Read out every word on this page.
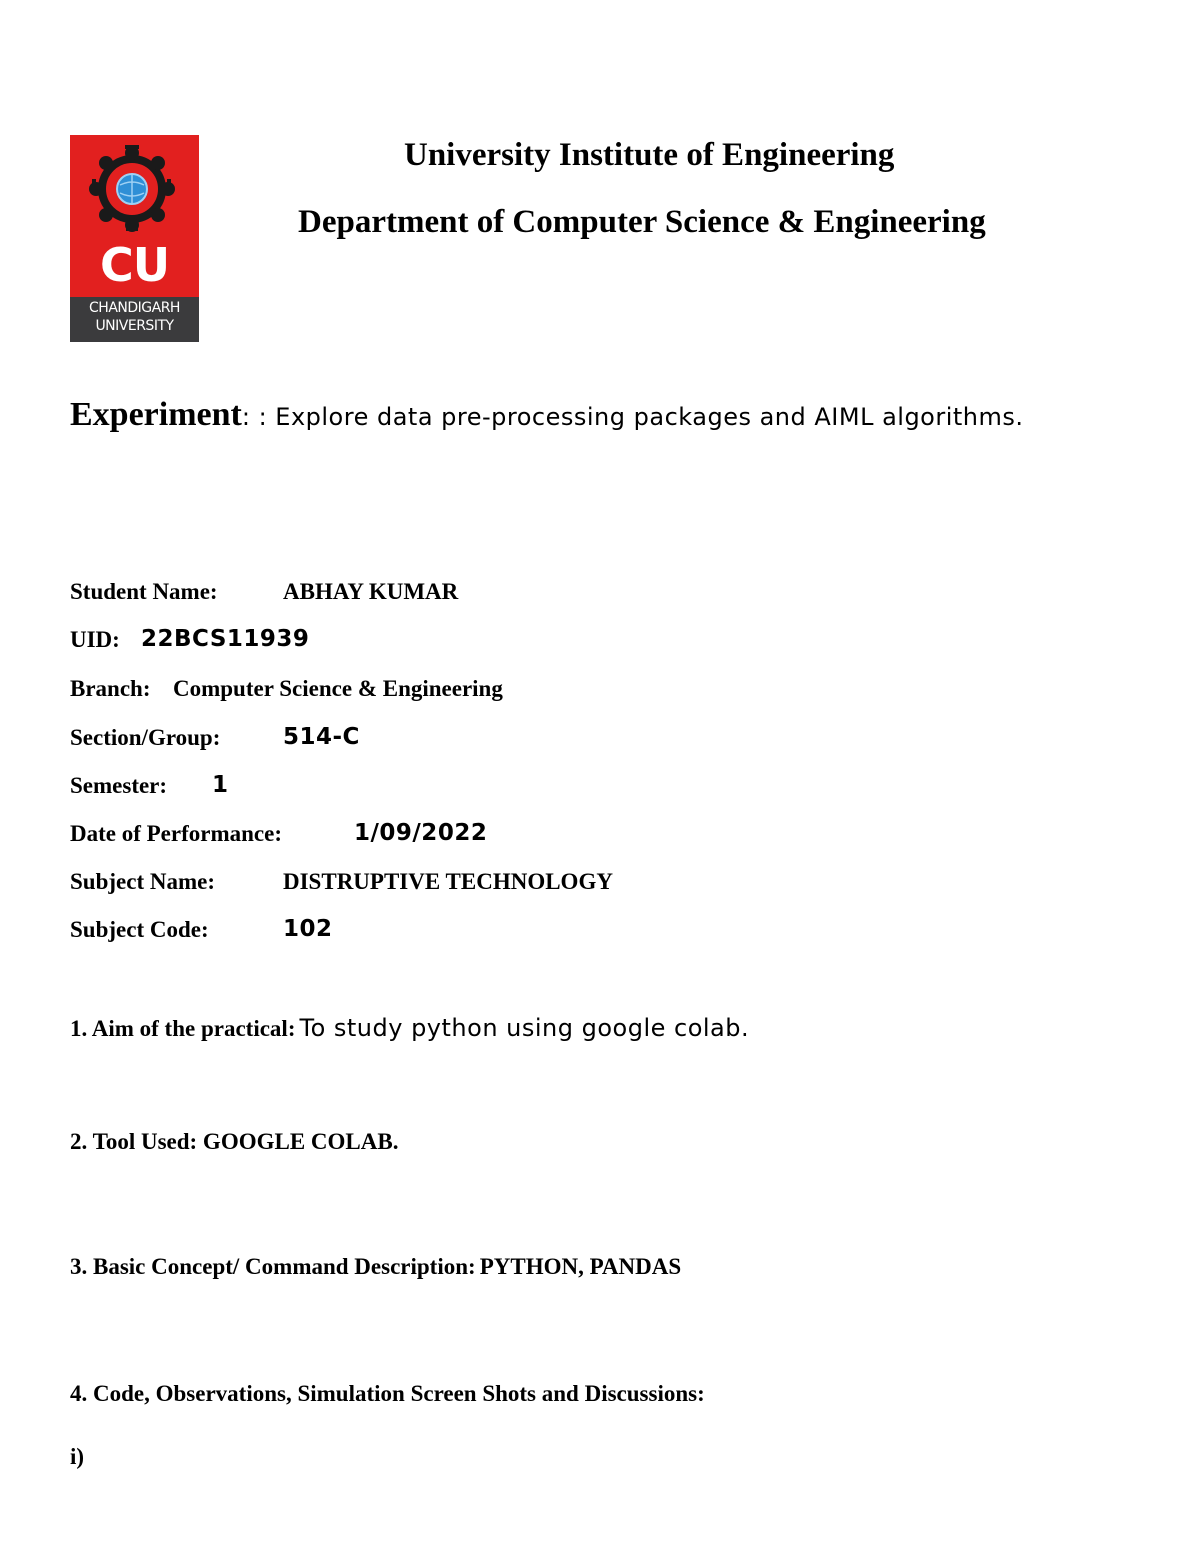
CU
CHANDIGARH
UNIVERSITY
University Institute of Engineering
Department of Computer Science & Engineering
Experiment: : Explore data pre-processing packages and AIML algorithms.
Student Name:	ABHAY KUMAR
UID: 22BCS11939
Branch: Computer Science & Engineering
Section/Group:	514-C
Semester: 1
Date of Performance:	1/09/2022
Subject Name:	DISTRUPTIVE TECHNOLOGY
Subject Code:	102
1. Aim of the practical: To study python using google colab.
2. Tool Used: GOOGLE COLAB.
3. Basic Concept/ Command Description: PYTHON, PANDAS
4. Code, Observations, Simulation Screen Shots and Discussions:
i)
